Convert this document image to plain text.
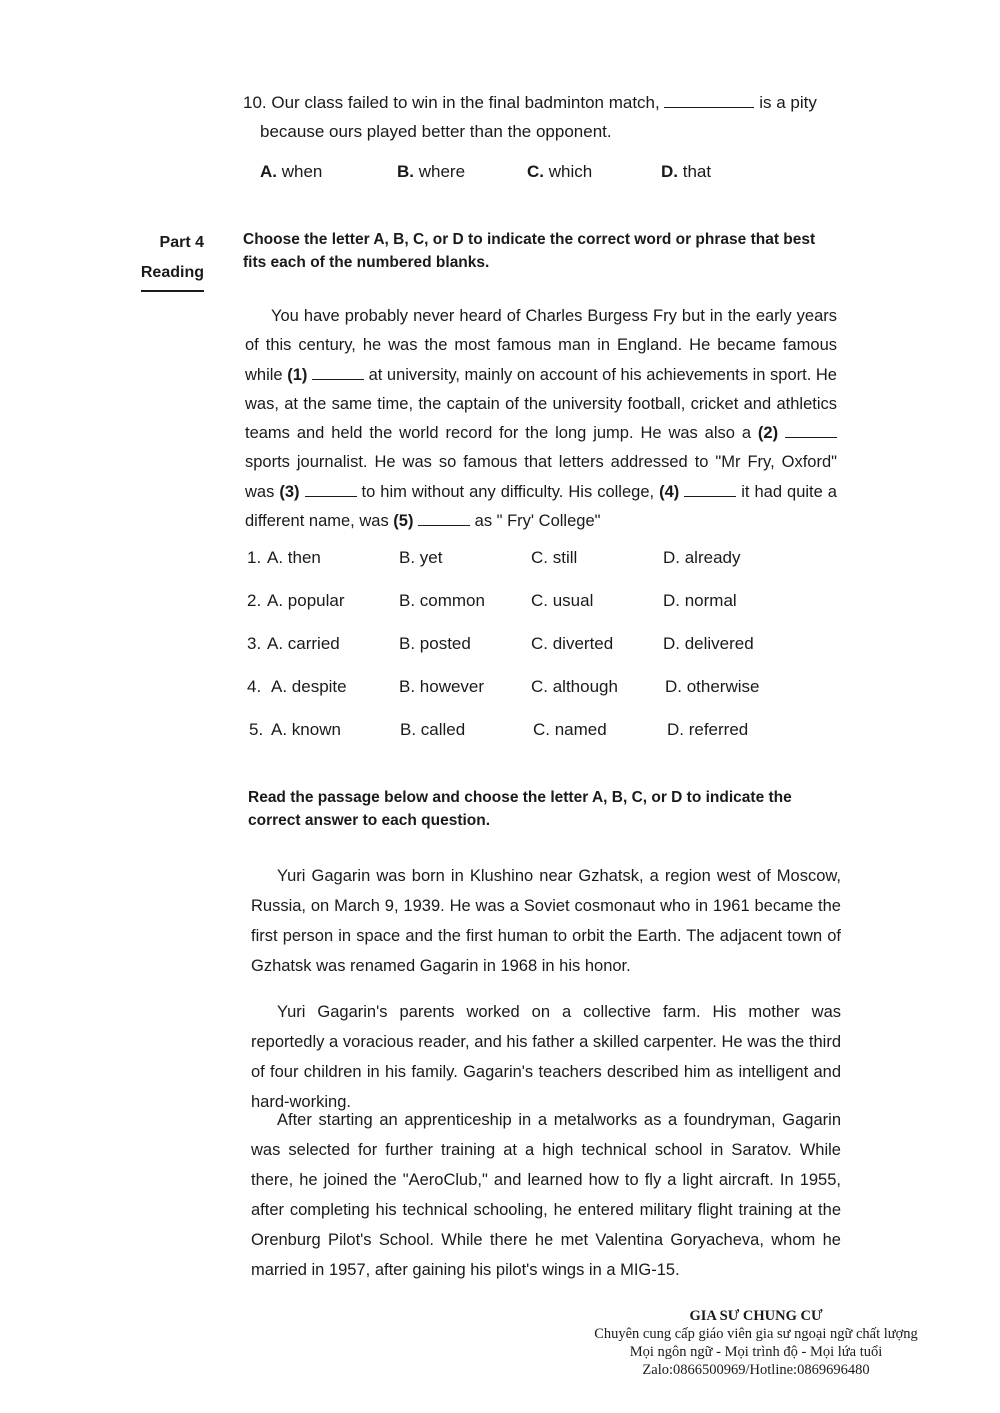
10. Our class failed to win in the final badminton match,	is a pity
because ours played better than the opponent.
A. when	B. where	C. which	D. that
Part 4
Reading
Choose the letter A, B, C, or D to indicate the correct word or phrase that best fits each of the numbered blanks.

You have probably never heard of Charles Burgess Fry but in the early years of this century, he was the most famous man in England. He became famous while (1)	at university, mainly on account of his achievements in sport. He was, at the same time, the captain of the university football, cricket and athletics teams and held the world record for the long jump. He was also a (2)  sports journalist. He was so famous that letters addressed to "Mr Fry, Oxford" was (3)	to him without any difficulty. His college, (4)	it had quite a different name, was (5)	as " Fry' College"

1. A. then	B. yet	C. still	D. already
2. A. popular	B. common	C. usual	D. normal
3. A. carried	B. posted	C. diverted	D. delivered
4. A. despite	B. however	C. although	D. otherwise
5. A. known	B. called	C. named	D. referred
Read the passage below and choose the letter A, B, C, or D to indicate the correct answer to each question.

Yuri Gagarin was born in Klushino near Gzhatsk, a region west of Moscow, Russia, on March 9, 1939. He was a Soviet cosmonaut who in 1961 became the first person in space and the first human to orbit the Earth. The adjacent town of Gzhatsk was renamed Gagarin in 1968 in his honor.

Yuri Gagarin's parents worked on a collective farm. His mother was reportedly a voracious reader, and his father a skilled carpenter. He was the third of four children in his family. Gagarin's teachers described him as intelligent and hard-working.

After starting an apprenticeship in a metalworks as a foundryman, Gagarin was selected for further training at a high technical school in Saratov. While there, he joined the "AeroClub," and learned how to fly a light aircraft. In 1955, after completing his technical schooling, he entered military flight training at the Orenburg Pilot's School. While there he met Valentina Goryacheva, whom he married in 1957, after gaining his pilot's wings in a MIG-15.

GIA SƯ CHUNG CƯ
Chuyên cung cấp giáo viên gia sư ngoại ngữ chất lượng
Mọi ngôn ngữ - Mọi trình độ - Mọi lứa tuổi
Zalo:0866500969/Hotline:0869696480
